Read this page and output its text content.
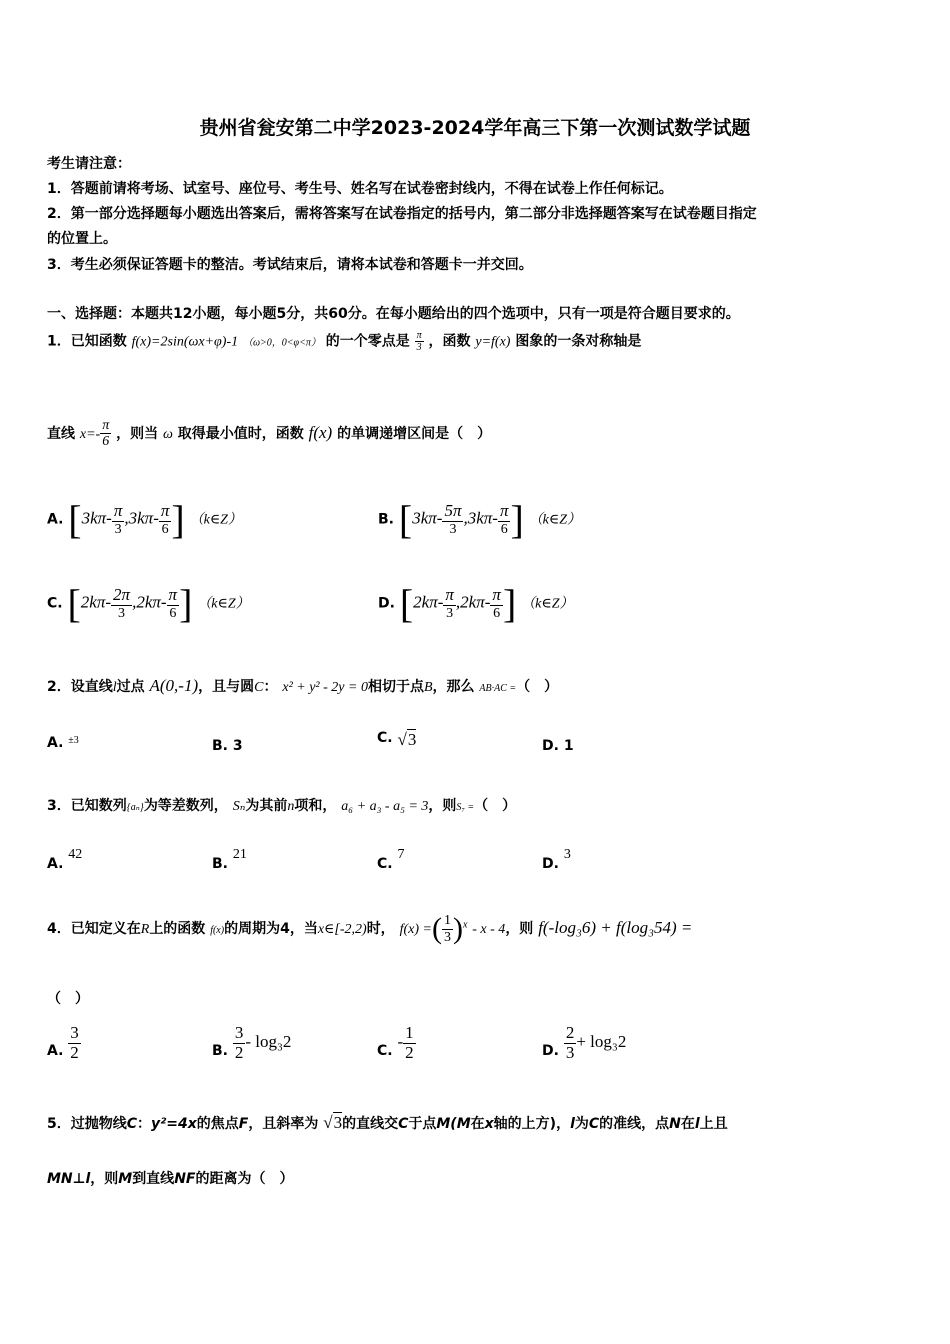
贵州省瓮安第二中学2023-2024学年高三下第一次测试数学试题
考生请注意：
1．答题前请将考场、试室号、座位号、考生号、姓名写在试卷密封线内，不得在试卷上作任何标记。
2．第一部分选择题每小题选出答案后，需将答案写在试卷指定的括号内，第二部分非选择题答案写在试卷题目指定
的位置上。
3．考生必须保证答题卡的整洁。考试结束后，请将本试卷和答题卡一并交回。
一、选择题：本题共12小题，每小题5分，共60分。在每小题给出的四个选项中，只有一项是符合题目要求的。
1．已知函数 f(x)=2sin(ωx+φ)-1 （ω>0，0<φ<π） 的一个零点是 $\frac{\pi}{3}$ ，函数 y=f(x) 图象的一条对称轴是
直线 $x=- \frac{\pi}{6}$ ，则当 ω 取得最小值时，函数 f(x) 的单调递增区间是（　）
A. [$3k\pi- \frac{\pi}{3} ,3k\pi- \frac{\pi}{6}$ ] （k∈Z）	B. [$3k\pi- \frac{5\pi}{3} ,3k\pi- \frac{\pi}{6}$ ] （k∈Z）
C. [$2k\pi- \frac{2\pi}{3} ,2k\pi- \frac{\pi}{6}$ ] （k∈Z）	D. [$2k\pi- \frac{\pi}{3} ,2k\pi- \frac{\pi}{6}$ ] （k∈Z）
2．设直线l过点 A(0,-1)，且与圆C： x² + y² - 2y = 0相切于点B，那么 AB·AC =（　）
A. $^{\pm 3}$	B. 3	C. √3	D. 1
3．已知数列{aₙ}为等差数列， Sₙ为其前n项和， a₆ + a₃ - a₅ = 3，则S₇ =（　）
A. 42
B. 21
C. 7
D. 3
4．已知定义在R上的函数 f(x)的周期为4，当x∈[-2,2)时， f(x) =( $\frac{1}{3} )^x$ - x - 4，则 f(-log₃6) + f(log₃54) =
（　）
A. $\frac{3}{2}$	B. $\frac{3}{2} - \log_32$	C. - $\frac{1}{2}$	D. $\frac{2}{3} + \log_32$
5．过抛物线C：y²=4x的焦点F，且斜率为 √3的直线交C于点M(M在x轴的上方)，l为C的准线，点N在l上且
MN⊥l，则M到直线NF的距离为（　）
